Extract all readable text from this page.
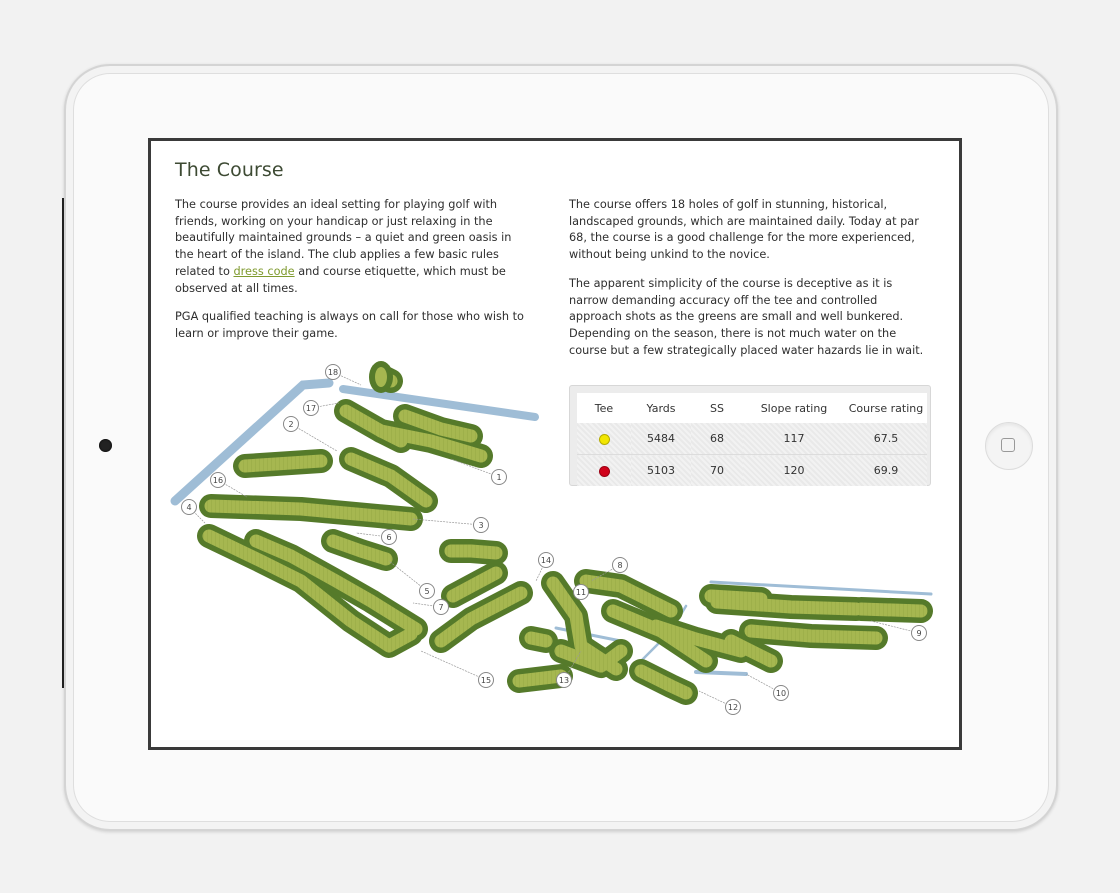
The Course

The course provides an ideal setting for playing golf with friends, working on your handicap or just relaxing in the beautifully maintained grounds – a quiet and green oasis in the heart of the island. The club applies a few basic rules related to dress code and course etiquette, which must be observed at all times.

PGA qualified teaching is always on call for those who wish to learn or improve their game.

The course offers 18 holes of golf in stunning, historical, landscaped grounds, which are maintained daily. Today at par 68, the course is a good challenge for the more experienced, without being unkind to the novice.

The apparent simplicity of the course is deceptive as it is narrow demanding accuracy off the tee and controlled approach shots as the greens are small and well bunkered. Depending on the season, there is not much water on the course but a few strategically placed water hazards lie in wait.

Tee	Yards	SS	Slope rating	Course rating
	5484	68	117	67.5
	5103	70	120	69.9
1
2
3
4
5
6
7
8
9
10
11
12
13
14
15
16
17
18
